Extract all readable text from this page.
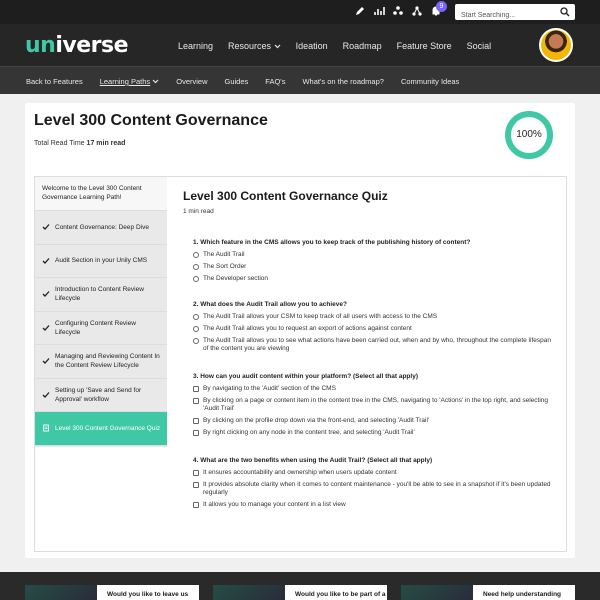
9
Start Searching...
universe	Learning Resources	Ideation Roadmap Feature Store Social
Back to Features Learning Paths	Overview Guides FAQ's What's on the roadmap? Community Ideas
Level 300 Content Governance
Total Read Time 17 min read
100%
Welcome to the Level 300 Content Governance Learning Path!
Content Governance: Deep Dive
Audit Section in your Unily CMS
Introduction to Content Review Lifecycle
Configuring Content Review Lifecycle
Managing and Reviewing Content In the Content Review Lifecycle
Setting up 'Save and Send for Approval' workflow
Level 300 Content Governance Quiz
Level 300 Content Governance Quiz
1 min read
1. Which feature in the CMS allows you to keep track of the publishing history of content?
The Audit Trail
The Sort Order
The Developer section
2. What does the Audit Trail allow you to achieve?
The Audit Trail allows your CSM to keep track of all users with access to the CMS
The Audit Trail allows you to request an export of actions against content
The Audit Trail allows you to see what actions have been carried out, when and by who, throughout the complete lifespan of the content you are viewing
3. How can you audit content within your platform? (Select all that apply)
By navigating to the 'Audit' section of the CMS
By clicking on a page or content item in the content tree in the CMS, navigating to 'Actions' in the top right, and selecting 'Audit Trail'
By clicking on the profile drop down via the front-end, and selecting 'Audit Trail'
By right clicking on any node in the content tree, and selecting 'Audit Trail'
4. What are the two benefits when using the Audit Trail? (Select all that apply)
It ensures accountability and ownership when users update content
It provides absolute clarity when it comes to content maintenance - you'll be able to see in a snapshot if it's been updated regularly
It allows you to manage your content in a list view
Would you like to leave us	Would you like to be part of a	Need help understanding
